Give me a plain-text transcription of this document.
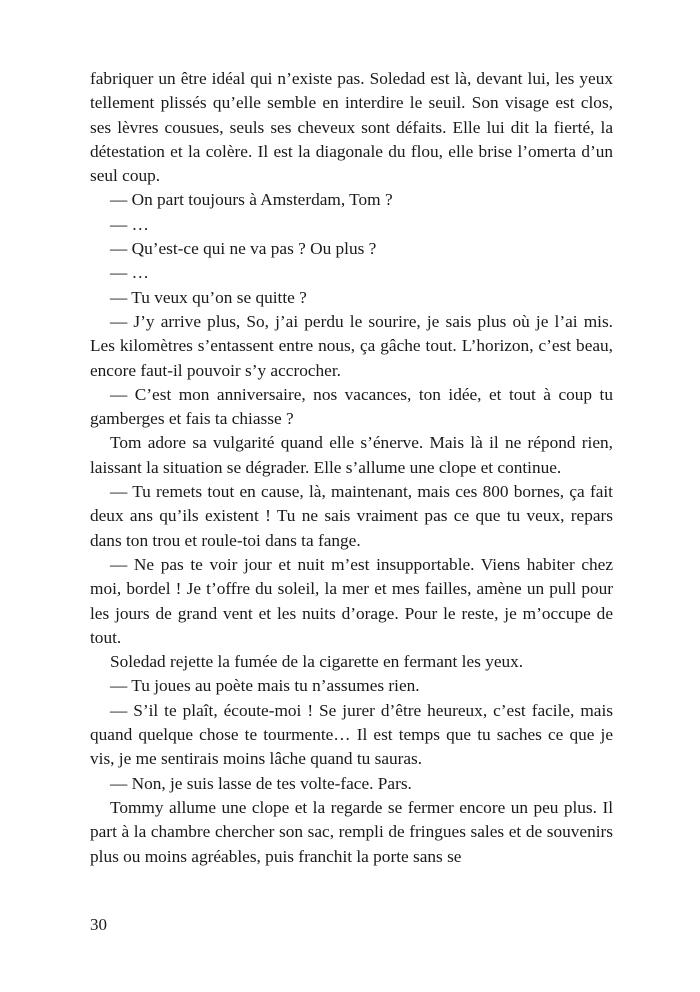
fabriquer un être idéal qui n’existe pas. Soledad est là, devant lui, les yeux tellement plissés qu’elle semble en interdire le seuil. Son visage est clos, ses lèvres cousues, seuls ses cheveux sont défaits. Elle lui dit la fierté, la détestation et la colère. Il est la diagonale du flou, elle brise l’omerta d’un seul coup.

— On part toujours à Amsterdam, Tom ?

— …

— Qu’est-ce qui ne va pas ? Ou plus ?

— …

— Tu veux qu’on se quitte ?

— J’y arrive plus, So, j’ai perdu le sourire, je sais plus où je l’ai mis. Les kilomètres s’entassent entre nous, ça gâche tout. L’horizon, c’est beau, encore faut-il pouvoir s’y accrocher.

— C’est mon anniversaire, nos vacances, ton idée, et tout à coup tu gamberges et fais ta chiasse ?

Tom adore sa vulgarité quand elle s’énerve. Mais là il ne répond rien, laissant la situation se dégrader. Elle s’allume une clope et continue.

— Tu remets tout en cause, là, maintenant, mais ces 800 bornes, ça fait deux ans qu’ils existent ! Tu ne sais vraiment pas ce que tu veux, repars dans ton trou et roule-toi dans ta fange.

— Ne pas te voir jour et nuit m’est insupportable. Viens habiter chez moi, bordel ! Je t’offre du soleil, la mer et mes failles, amène un pull pour les jours de grand vent et les nuits d’orage. Pour le reste, je m’occupe de tout.

Soledad rejette la fumée de la cigarette en fermant les yeux.

— Tu joues au poète mais tu n’assumes rien.

— S’il te plaît, écoute-moi ! Se jurer d’être heureux, c’est facile, mais quand quelque chose te tourmente… Il est temps que tu saches ce que je vis, je me sentirais moins lâche quand tu sauras.

— Non, je suis lasse de tes volte-face. Pars.

Tommy allume une clope et la regarde se fermer encore un peu plus. Il part à la chambre chercher son sac, rempli de fringues sales et de souvenirs plus ou moins agréables, puis franchit la porte sans se

30
